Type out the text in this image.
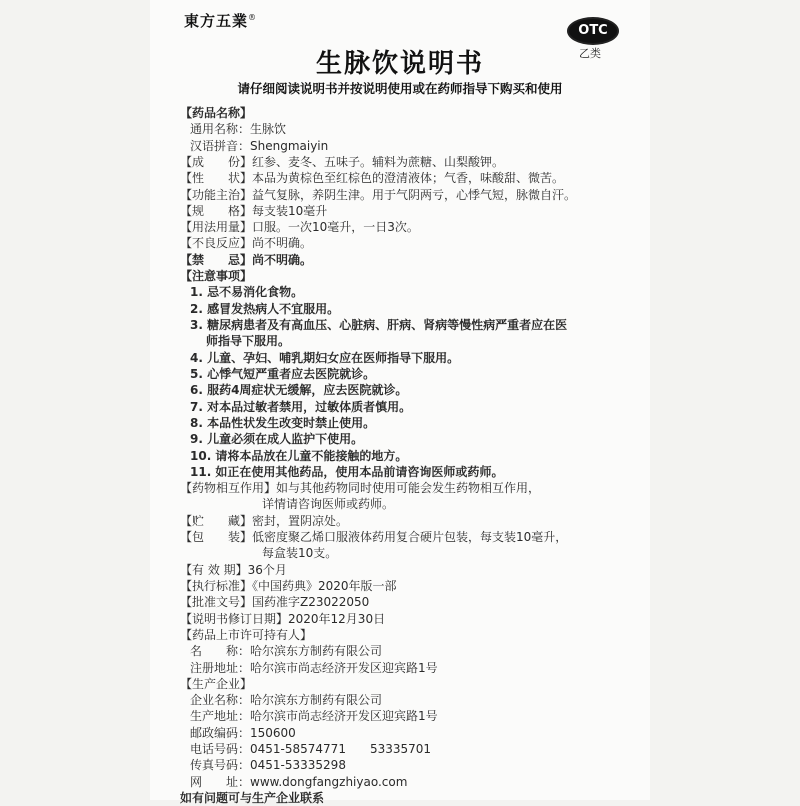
東方五業®
OTC
乙类
生脉饮说明书
请仔细阅读说明书并按说明使用或在药师指导下购买和使用
【药品名称】
通用名称：生脉饮
汉语拼音：Shengmaiyin
【成　　份】红参、麦冬、五味子。辅料为蔗糖、山梨酸钾。
【性　　状】本品为黄棕色至红棕色的澄清液体；气香，味酸甜、微苦。
【功能主治】益气复脉，养阴生津。用于气阴两亏，心悸气短，脉微自汗。
【规　　格】每支装10毫升
【用法用量】口服。一次10毫升，一日3次。
【不良反应】尚不明确。
【禁　　忌】尚不明确。
【注意事项】
1. 忌不易消化食物。
2. 感冒发热病人不宜服用。
3. 糖尿病患者及有高血压、心脏病、肝病、肾病等慢性病严重者应在医
师指导下服用。
4. 儿童、孕妇、哺乳期妇女应在医师指导下服用。
5. 心悸气短严重者应去医院就诊。
6. 服药4周症状无缓解，应去医院就诊。
7. 对本品过敏者禁用，过敏体质者慎用。
8. 本品性状发生改变时禁止使用。
9. 儿童必须在成人监护下使用。
10. 请将本品放在儿童不能接触的地方。
11. 如正在使用其他药品，使用本品前请咨询医师或药师。
【药物相互作用】如与其他药物同时使用可能会发生药物相互作用，
详情请咨询医师或药师。
【贮　　藏】密封，置阴凉处。
【包　　装】低密度聚乙烯口服液体药用复合硬片包装，每支装10毫升，
每盒装10支。
【有 效 期】36个月
【执行标准】《中国药典》2020年版一部
【批准文号】国药准字Z23022050
【说明书修订日期】2020年12月30日
【药品上市许可持有人】
名　　称：哈尔滨东方制药有限公司
注册地址：哈尔滨市尚志经济开发区迎宾路1号
【生产企业】
企业名称：哈尔滨东方制药有限公司
生产地址：哈尔滨市尚志经济开发区迎宾路1号
邮政编码：150600
电话号码：0451-58574771　　53335701
传真号码：0451-53335298
网　　址：www.dongfangzhiyao.com
如有问题可与生产企业联系
